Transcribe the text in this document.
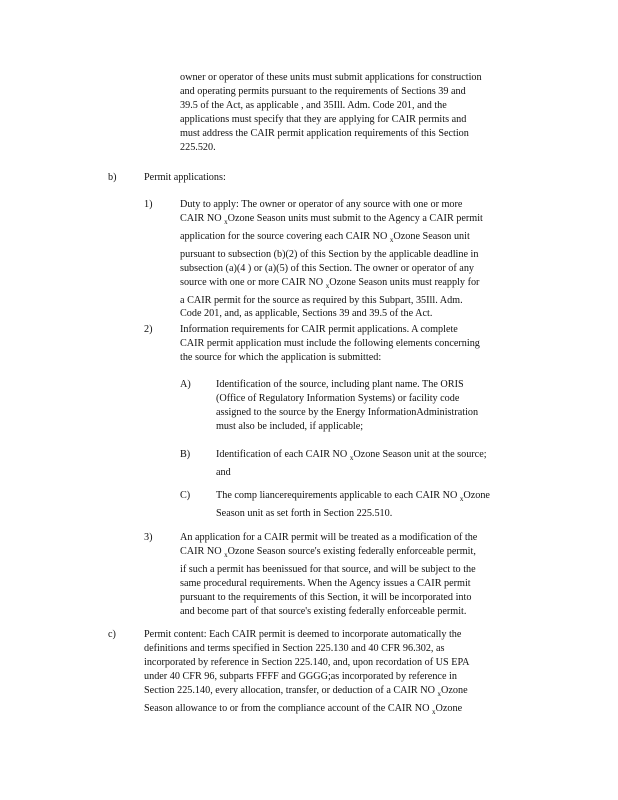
owner or operator of these units must submit applications for construction

and operating permits pursuant to the requirements of Sections 39 and

39.5 of the Act, as applicable , and 35Ill. Adm. Code 201, and the

applications must specify that they are applying for CAIR permits and

must address the CAIR permit application requirements of this Section

225.520.

b)	Permit applications:
1)	Duty to apply: The owner or operator of any source with one or more

CAIR NO $_x$Ozone Season units must submit to the Agency a CAIR permit

application for the source covering each CAIR NO $_x$Ozone Season unit

pursuant to subsection (b)(2) of this Section by the applicable deadline in

subsection (a)(4 ) or (a)(5) of this Section. The owner or operator of any

source with one or more CAIR NO $_x$Ozone Season units must reapply for

a CAIR permit for the source as required by this Subpart, 35Ill. Adm.

Code 201, and, as applicable, Sections 39 and 39.5 of the Act.

2)	Information requirements for CAIR permit applications. A complete

CAIR permit application must include the following elements concerning

the source for which the application is submitted:

A) Identification of the source, including plant name. The ORIS

(Office of Regulatory Information Systems) or facility code

assigned to the source by the Energy InformationAdministration

must also be included, if applicable;

B)	Identification of each CAIR NO $_x$Ozone Season unit at the source;

and

C)	The comp liancerequirements applicable to each CAIR NO $_x$Ozone

Season unit as set forth in Section 225.510.

3)	An application for a CAIR permit will be treated as a modification of the

CAIR NO $_x$Ozone Season source's existing federally enforceable permit,

if such a permit has beenissued for that source, and will be subject to the

same procedural requirements. When the Agency issues a CAIR permit

pursuant to the requirements of this Section, it will be incorporated into

and become part of that source's existing federally enforceable permit.

c)	Permit content: Each CAIR permit is deemed to incorporate automatically the

definitions and terms specified in Section 225.130 and 40 CFR 96.302, as

incorporated by reference in Section 225.140, and, upon recordation of US EPA

under 40 CFR 96, subparts FFFF and GGGG;as incorporated by reference in

Section 225.140, every allocation, transfer, or deduction of a CAIR NO $_x$Ozone

Season allowance to or from the compliance account of the CAIR NO $_x$Ozone
